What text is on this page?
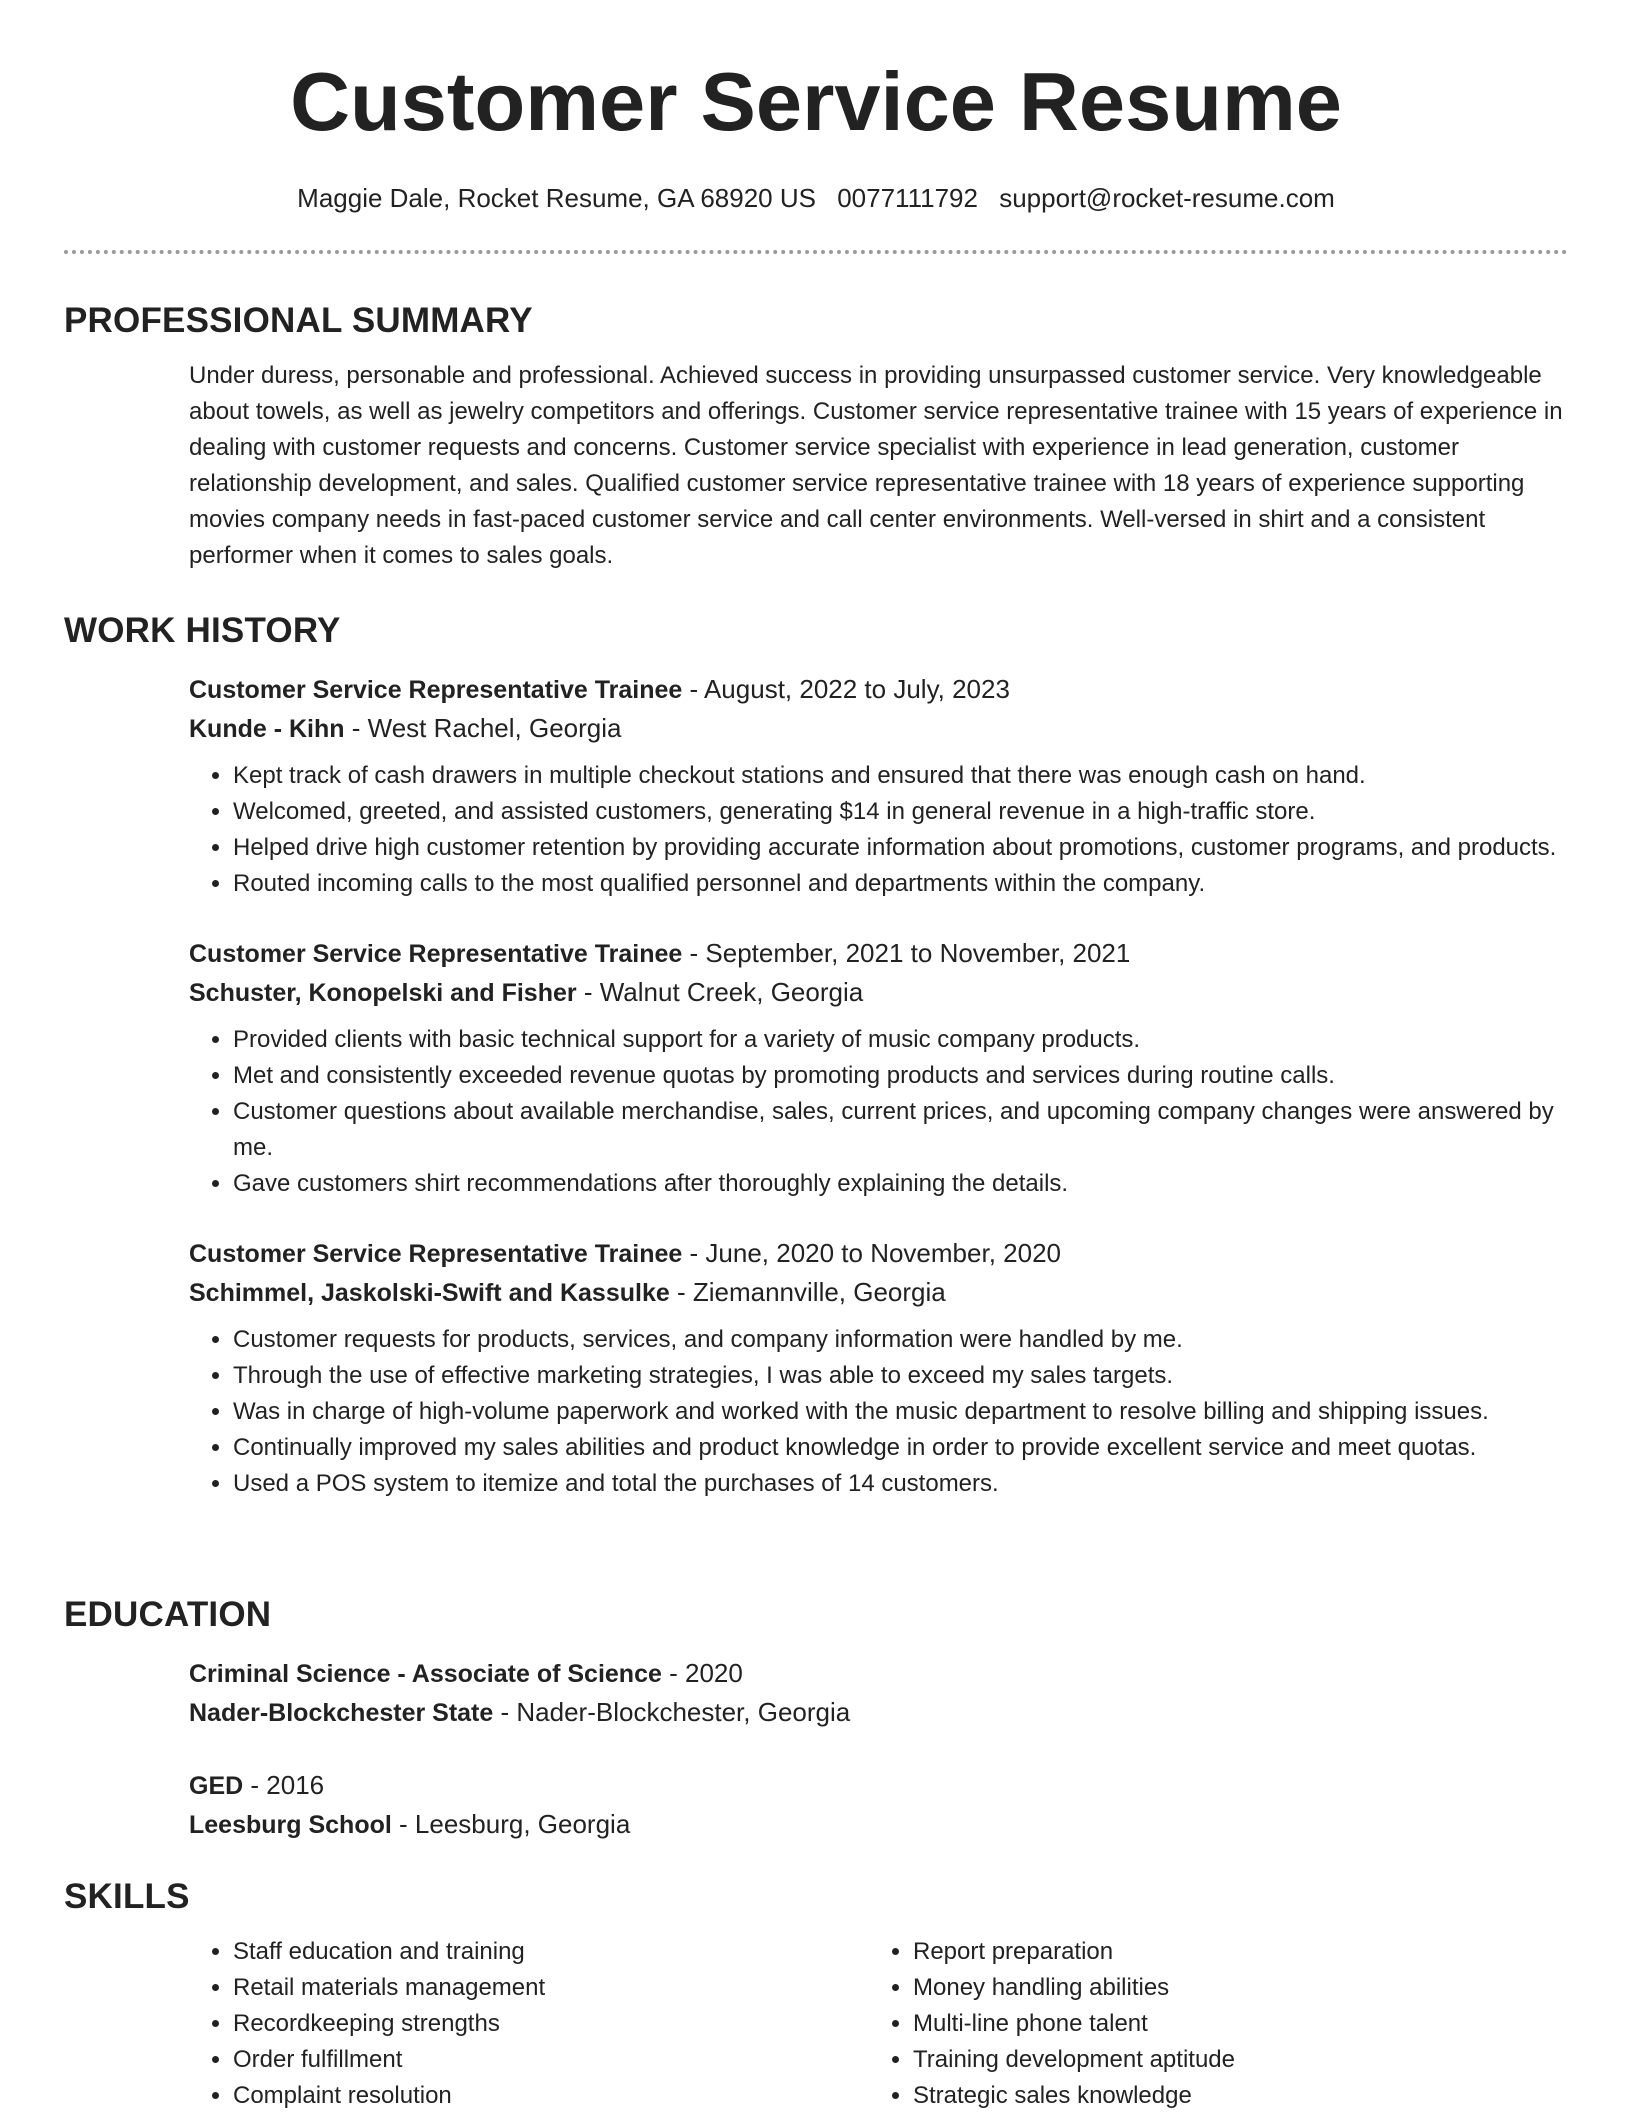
Customer Service Resume
Maggie Dale, Rocket Resume, GA 68920 US 0077111792 support@rocket-resume.com
PROFESSIONAL SUMMARY

Under duress, personable and professional. Achieved success in providing unsurpassed customer service. Very knowledgeable about towels, as well as jewelry competitors and offerings. Customer service representative trainee with 15 years of experience in dealing with customer requests and concerns. Customer service specialist with experience in lead generation, customer relationship development, and sales. Qualified customer service representative trainee with 18 years of experience supporting movies company needs in fast-paced customer service and call center environments. Well-versed in shirt and a consistent performer when it comes to sales goals.

WORK HISTORY
Customer Service Representative Trainee - August, 2022 to July, 2023
Kunde - Kihn - West Rachel, Georgia
• Kept track of cash drawers in multiple checkout stations and ensured that there was enough cash on hand.
• Welcomed, greeted, and assisted customers, generating $14 in general revenue in a high-traffic store.
• Helped drive high customer retention by providing accurate information about promotions, customer programs, and products.
• Routed incoming calls to the most qualified personnel and departments within the company.
Customer Service Representative Trainee - September, 2021 to November, 2021
Schuster, Konopelski and Fisher - Walnut Creek, Georgia
• Provided clients with basic technical support for a variety of music company products.
• Met and consistently exceeded revenue quotas by promoting products and services during routine calls.
• Customer questions about available merchandise, sales, current prices, and upcoming company changes were answered by me.
• Gave customers shirt recommendations after thoroughly explaining the details.
Customer Service Representative Trainee - June, 2020 to November, 2020
Schimmel, Jaskolski-Swift and Kassulke - Ziemannville, Georgia
• Customer requests for products, services, and company information were handled by me.
• Through the use of effective marketing strategies, I was able to exceed my sales targets.
• Was in charge of high-volume paperwork and worked with the music department to resolve billing and shipping issues.
• Continually improved my sales abilities and product knowledge in order to provide excellent service and meet quotas.
• Used a POS system to itemize and total the purchases of 14 customers.
EDUCATION
Criminal Science - Associate of Science - 2020
Nader-Blockchester State - Nader-Blockchester, Georgia
GED - 2016
Leesburg School - Leesburg, Georgia
SKILLS
• Staff education and training
• Retail materials management
• Recordkeeping strengths
• Order fulfillment
• Complaint resolution
• Report preparation
• Money handling abilities
• Multi-line phone talent
• Training development aptitude
• Strategic sales knowledge
